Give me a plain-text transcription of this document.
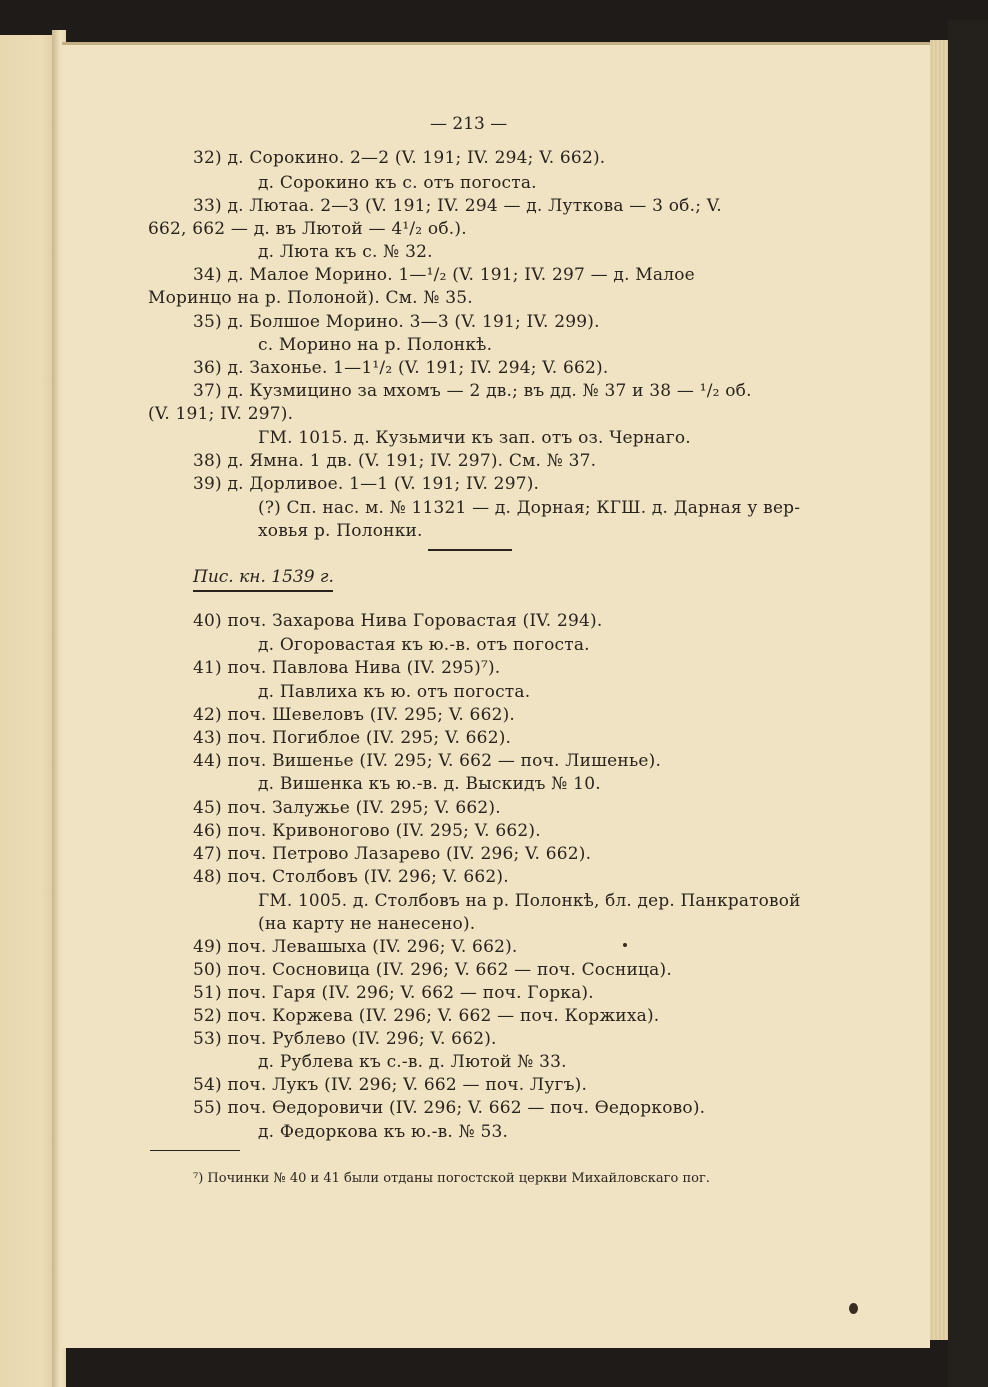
— 213 —
32) д. Сорокино. 2—2 (V. 191; IV. 294; V. 662).
д. Сорокино къ с. отъ погоста.
33) д. Лютаа. 2—3 (V. 191; IV. 294 — д. Луткова — 3 об.; V.
662, 662 — д. въ Лютой — 4¹/₂ об.).
д. Люта къ с. № 32.
34) д. Малое Морино. 1—¹/₂ (V. 191; IV. 297 — д. Малое
Моринцо на р. Полоной). См. № 35.
35) д. Болшое Морино. 3—3 (V. 191; IV. 299).
с. Морино на р. Полонкѣ.
36) д. Захонье. 1—1¹/₂ (V. 191; IV. 294; V. 662).
37) д. Кузмицино за мхомъ — 2 дв.; въ дд. № 37 и 38 — ¹/₂ об.
(V. 191; IV. 297).
ГМ. 1015. д. Кузьмичи къ зап. отъ оз. Чернаго.
38) д. Ямна. 1 дв. (V. 191; IV. 297). См. № 37.
39) д. Дорливое. 1—1 (V. 191; IV. 297).
(?) Сп. нас. м. № 11321 — д. Дорная; КГШ. д. Дарная у вер-
ховья р. Полонки.
Пис. кн. 1539 г.
40) поч. Захарова Нива Горовастая (IV. 294).
д. Огоровастая къ ю.-в. отъ погоста.
41) поч. Павлова Нива (IV. 295)⁷).
д. Павлиха къ ю. отъ погоста.
42) поч. Шевеловъ (IV. 295; V. 662).
43) поч. Погиблое (IV. 295; V. 662).
44) поч. Вишенье (IV. 295; V. 662 — поч. Лишенье).
д. Вишенка къ ю.-в. д. Выскидъ № 10.
45) поч. Залужье (IV. 295; V. 662).
46) поч. Кривоногово (IV. 295; V. 662).
47) поч. Петрово Лазарево (IV. 296; V. 662).
48) поч. Столбовъ (IV. 296; V. 662).
ГМ. 1005. д. Столбовъ на р. Полонкѣ, бл. дер. Панкратовой
(на карту не нанесено).
49) поч. Левашыха (IV. 296; V. 662).
50) поч. Сосновица (IV. 296; V. 662 — поч. Сосница).
51) поч. Гаря (IV. 296; V. 662 — поч. Горка).
52) поч. Коржева (IV. 296; V. 662 — поч. Коржиха).
53) поч. Рублево (IV. 296; V. 662).
д. Рублева къ с.-в. д. Лютой № 33.
54) поч. Лукъ (IV. 296; V. 662 — поч. Лугъ).
55) поч. Ѳедоровичи (IV. 296; V. 662 — поч. Ѳедорково).
д. Федоркова къ ю.-в. № 53.
⁷) Починки № 40 и 41 были отданы погостской церкви Михайловскаго пог.
